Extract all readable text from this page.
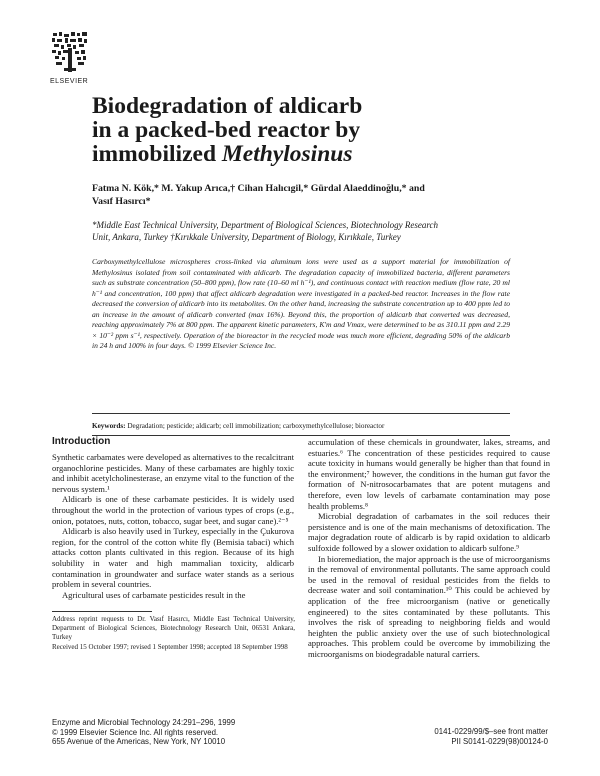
ELSEVIER
Biodegradation of aldicarb
in a packed-bed reactor by
immobilized Methylosinus
Fatma N. Kök,* M. Yakup Arıca,† Cihan Halıcıgil,* Gürdal Alaeddinoğlu,* and
Vasıf Hasırcı*
*Middle East Technical University, Department of Biological Sciences, Biotechnology Research
Unit, Ankara, Turkey †Kırıkkale University, Department of Biology, Kırıkkale, Turkey

Carboxymethylcellulose microspheres cross-linked via aluminum ions were used as a support material for immobilization of Methylosinus isolated from soil contaminated with aldicarb. The degradation capacity of immobilized bacteria, different parameters such as substrate concentration (50–800 ppm), flow rate (10–60 ml h⁻¹), and continuous contact with reaction medium (flow rate, 20 ml h⁻¹ and concentration, 100 ppm) that affect aldicarb degradation were investigated in a packed-bed reactor. Increases in the flow rate decreased the conversion of aldicarb into its metabolites. On the other hand, increasing the substrate concentration up to 400 ppm led to an increase in the amount of aldicarb converted (max 16%). Beyond this, the proportion of aldicarb that converted was decreased, reaching approximately 7% at 800 ppm. The apparent kinetic parameters, K′m and Vmax, were determined to be as 310.11 ppm and 2.29 × 10⁻² ppm s⁻¹, respectively. Operation of the bioreactor in the recycled mode was much more efficient, degrading 50% of the aldicarb in 24 h and 100% in four days. © 1999 Elsevier Science Inc.

Keywords: Degradation; pesticide; aldicarb; cell immobilization; carboxymethylcellulose; bioreactor
Introduction

Synthetic carbamates were developed as alternatives to the recalcitrant organochlorine pesticides. Many of these carbamates are highly toxic and inhibit acetylcholinesterase, an enzyme vital to the function of the nervous system.¹

Aldicarb is one of these carbamate pesticides. It is widely used throughout the world in the protection of various types of crops (e.g., onion, potatoes, nuts, cotton, tobacco, sugar beet, and sugar cane).²⁻⁵

Aldicarb is also heavily used in Turkey, especially in the Çukurova region, for the control of the cotton white fly (Bemisia tabaci) which attacks cotton plants cultivated in this region. Because of its high solubility in water and high mammalian toxicity, aldicarb contamination in groundwater and surface water stands as a serious problem in several countries.

Agricultural uses of carbamate pesticides result in the

accumulation of these chemicals in groundwater, lakes, streams, and estuaries.⁶ The concentration of these pesticides required to cause acute toxicity in humans would generally be higher than that found in the environment;⁷ however, the conditions in the human gut favor the formation of N-nitrosocarbamates that are potent mutagens and therefore, even low levels of carbamate contamination may pose health problems.⁸

Microbial degradation of carbamates in the soil reduces their persistence and is one of the main mechanisms of detoxification. The major degradation route of aldicarb is by rapid oxidation to aldicarb sulfoxide followed by a slower oxidation to aldicarb sulfone.⁹

In bioremediation, the major approach is the use of microorganisms in the removal of environmental pollutants. The same approach could be used in the removal of residual pesticides from the fields to decrease water and soil contamination.¹⁰ This could be achieved by application of the free microorganism (native or genetically engineered) to the sites contaminated by these pollutants. This involves the risk of spreading to neighboring fields and would heighten the public anxiety over the use of such biotechnological approaches. This problem could be overcome by immobilizing the microorganisms on biodegradable natural carriers.

Address reprint requests to Dr. Vasıf Hasırcı, Middle East Technical University, Department of Biological Sciences, Biotechnology Research Unit, 06531 Ankara, Turkey
Received 15 October 1997; revised 1 September 1998; accepted 18 September 1998
Enzyme and Microbial Technology 24:291–296, 1999
© 1999 Elsevier Science Inc. All rights reserved.
655 Avenue of the Americas, New York, NY 10010
0141-0229/99/$–see front matter
PII S0141-0229(98)00124-0
